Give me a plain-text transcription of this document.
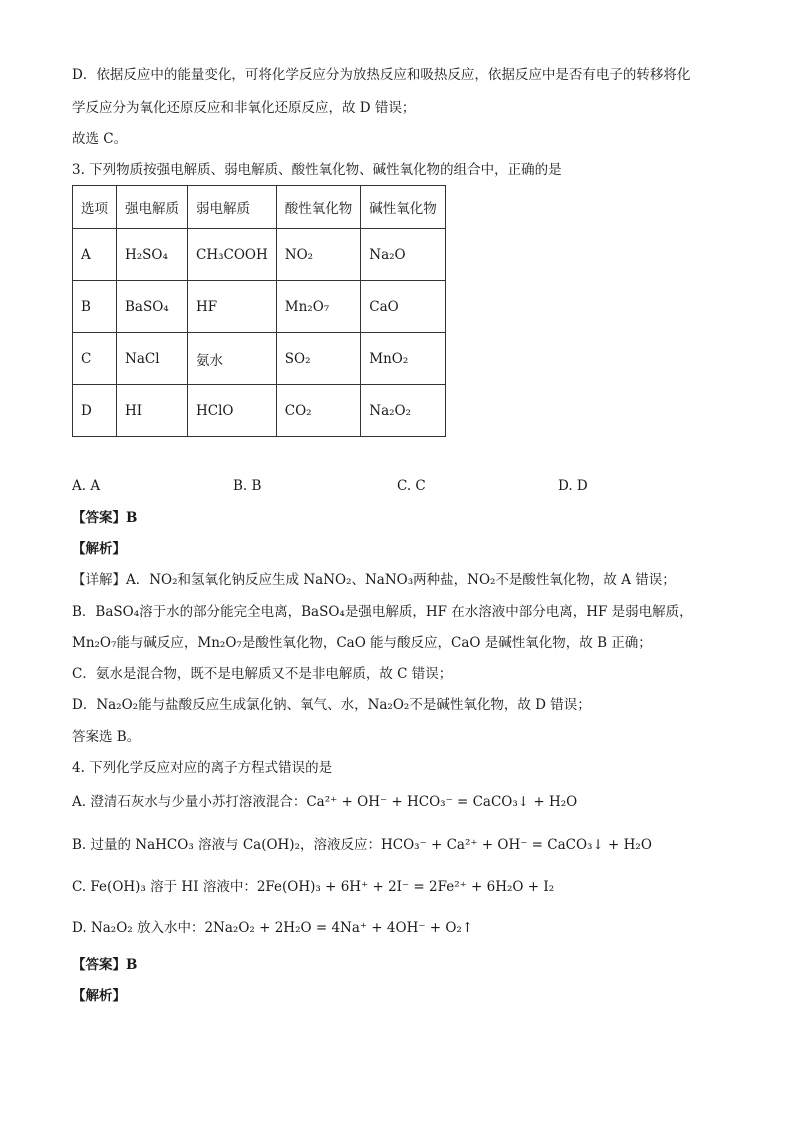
D．依据反应中的能量变化，可将化学反应分为放热反应和吸热反应，依据反应中是否有电子的转移将化
学反应分为氧化还原反应和非氧化还原反应，故 D 错误；
故选 C。
3. 下列物质按强电解质、弱电解质、酸性氧化物、碱性氧化物的组合中，正确的是
选项	强电解质	弱电解质	酸性氧化物	碱性氧化物
A	H₂SO₄	CH₃COOH	NO₂	Na₂O
B	BaSO₄	HF	Mn₂O₇	CaO
C	NaCl	氨水	SO₂	MnO₂
D	HI	HClO	CO₂	Na₂O₂
A. A	B. B	C. C	D. D
【答案】B
【解析】
【详解】A．NO₂和氢氧化钠反应生成 NaNO₂、NaNO₃两种盐，NO₂不是酸性氧化物，故 A 错误；
B．BaSO₄溶于水的部分能完全电离，BaSO₄是强电解质，HF 在水溶液中部分电离，HF 是弱电解质，
Mn₂O₇能与碱反应，Mn₂O₇是酸性氧化物，CaO 能与酸反应，CaO 是碱性氧化物，故 B 正确；
C．氨水是混合物，既不是电解质又不是非电解质，故 C 错误；
D．Na₂O₂能与盐酸反应生成氯化钠、氧气、水，Na₂O₂不是碱性氧化物，故 D 错误；
答案选 B。
4. 下列化学反应对应的离子方程式错误的是
A. 澄清石灰水与少量小苏打溶液混合：Ca²⁺ + OH⁻ + HCO₃⁻ = CaCO₃↓ + H₂O
B. 过量的 NaHCO₃ 溶液与 Ca(OH)₂，溶液反应：HCO₃⁻ + Ca²⁺ + OH⁻ = CaCO₃↓ + H₂O
C. Fe(OH)₃ 溶于 HI 溶液中：2Fe(OH)₃ + 6H⁺ + 2I⁻ = 2Fe²⁺ + 6H₂O + I₂
D. Na₂O₂ 放入水中：2Na₂O₂ + 2H₂O = 4Na⁺ + 4OH⁻ + O₂↑
【答案】B
【解析】
